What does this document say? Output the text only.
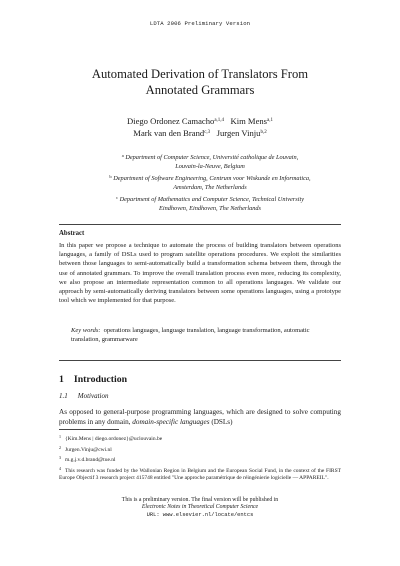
LDTA 2006 Preliminary Version
Automated Derivation of Translators From
Annotated Grammars
Diego Ordonez Camacho$^{a,1,4}$ Kim Mens$^{a,1}$
Mark van den Brand$^{c,3}$ Jurgen Vinju$^{b,2}$
$^a$ Department of Computer Science, Université catholique de Louvain,
Louvain-la-Neuve, Belgium
$^b$ Department of Software Engineering, Centrum voor Wiskunde en Informatica,
Amsterdam, The Netherlands
$^c$ Department of Mathematics and Computer Science, Technical University
Eindhoven, Eindhoven, The Netherlands
Abstract
In this paper we propose a technique to automate the process of building translators between operations languages, a family of DSLs used to program satellite operations procedures. We exploit the similarities between those languages to semi-automatically build a transformation schema between them, through the use of annotated grammars. To improve the overall translation process even more, reducing its complexity, we also propose an intermediate representation common to all operations languages. We validate our approach by semi-automatically deriving translators between some operations languages, using a prototype tool which we implemented for that purpose.
Key words: operations languages, language translation, language transformation, automatic translation, grammarware
1 Introduction
1.1 Motivation
As opposed to general-purpose programming languages, which are designed to solve computing problems in any domain, domain-specific languages (DSLs)
$^1$ {Kim.Mens | diego.ordonez}@uclouvain.be
$^2$ Jurgen.Vinju@cwi.nl
$^3$ m.g.j.v.d.brand@tue.nl
$^4$ This research was funded by the Wallonian Region in Belgium and the European Social Fund, in the context of the FIRST Europe Objectif 3 research project 415748 entitled "Une approche paramétrique de réingénierie logicielle — APPAREIL".
This is a preliminary version. The final version will be published in
Electronic Notes in Theoretical Computer Science
URL: www.elsevier.nl/locate/entcs
